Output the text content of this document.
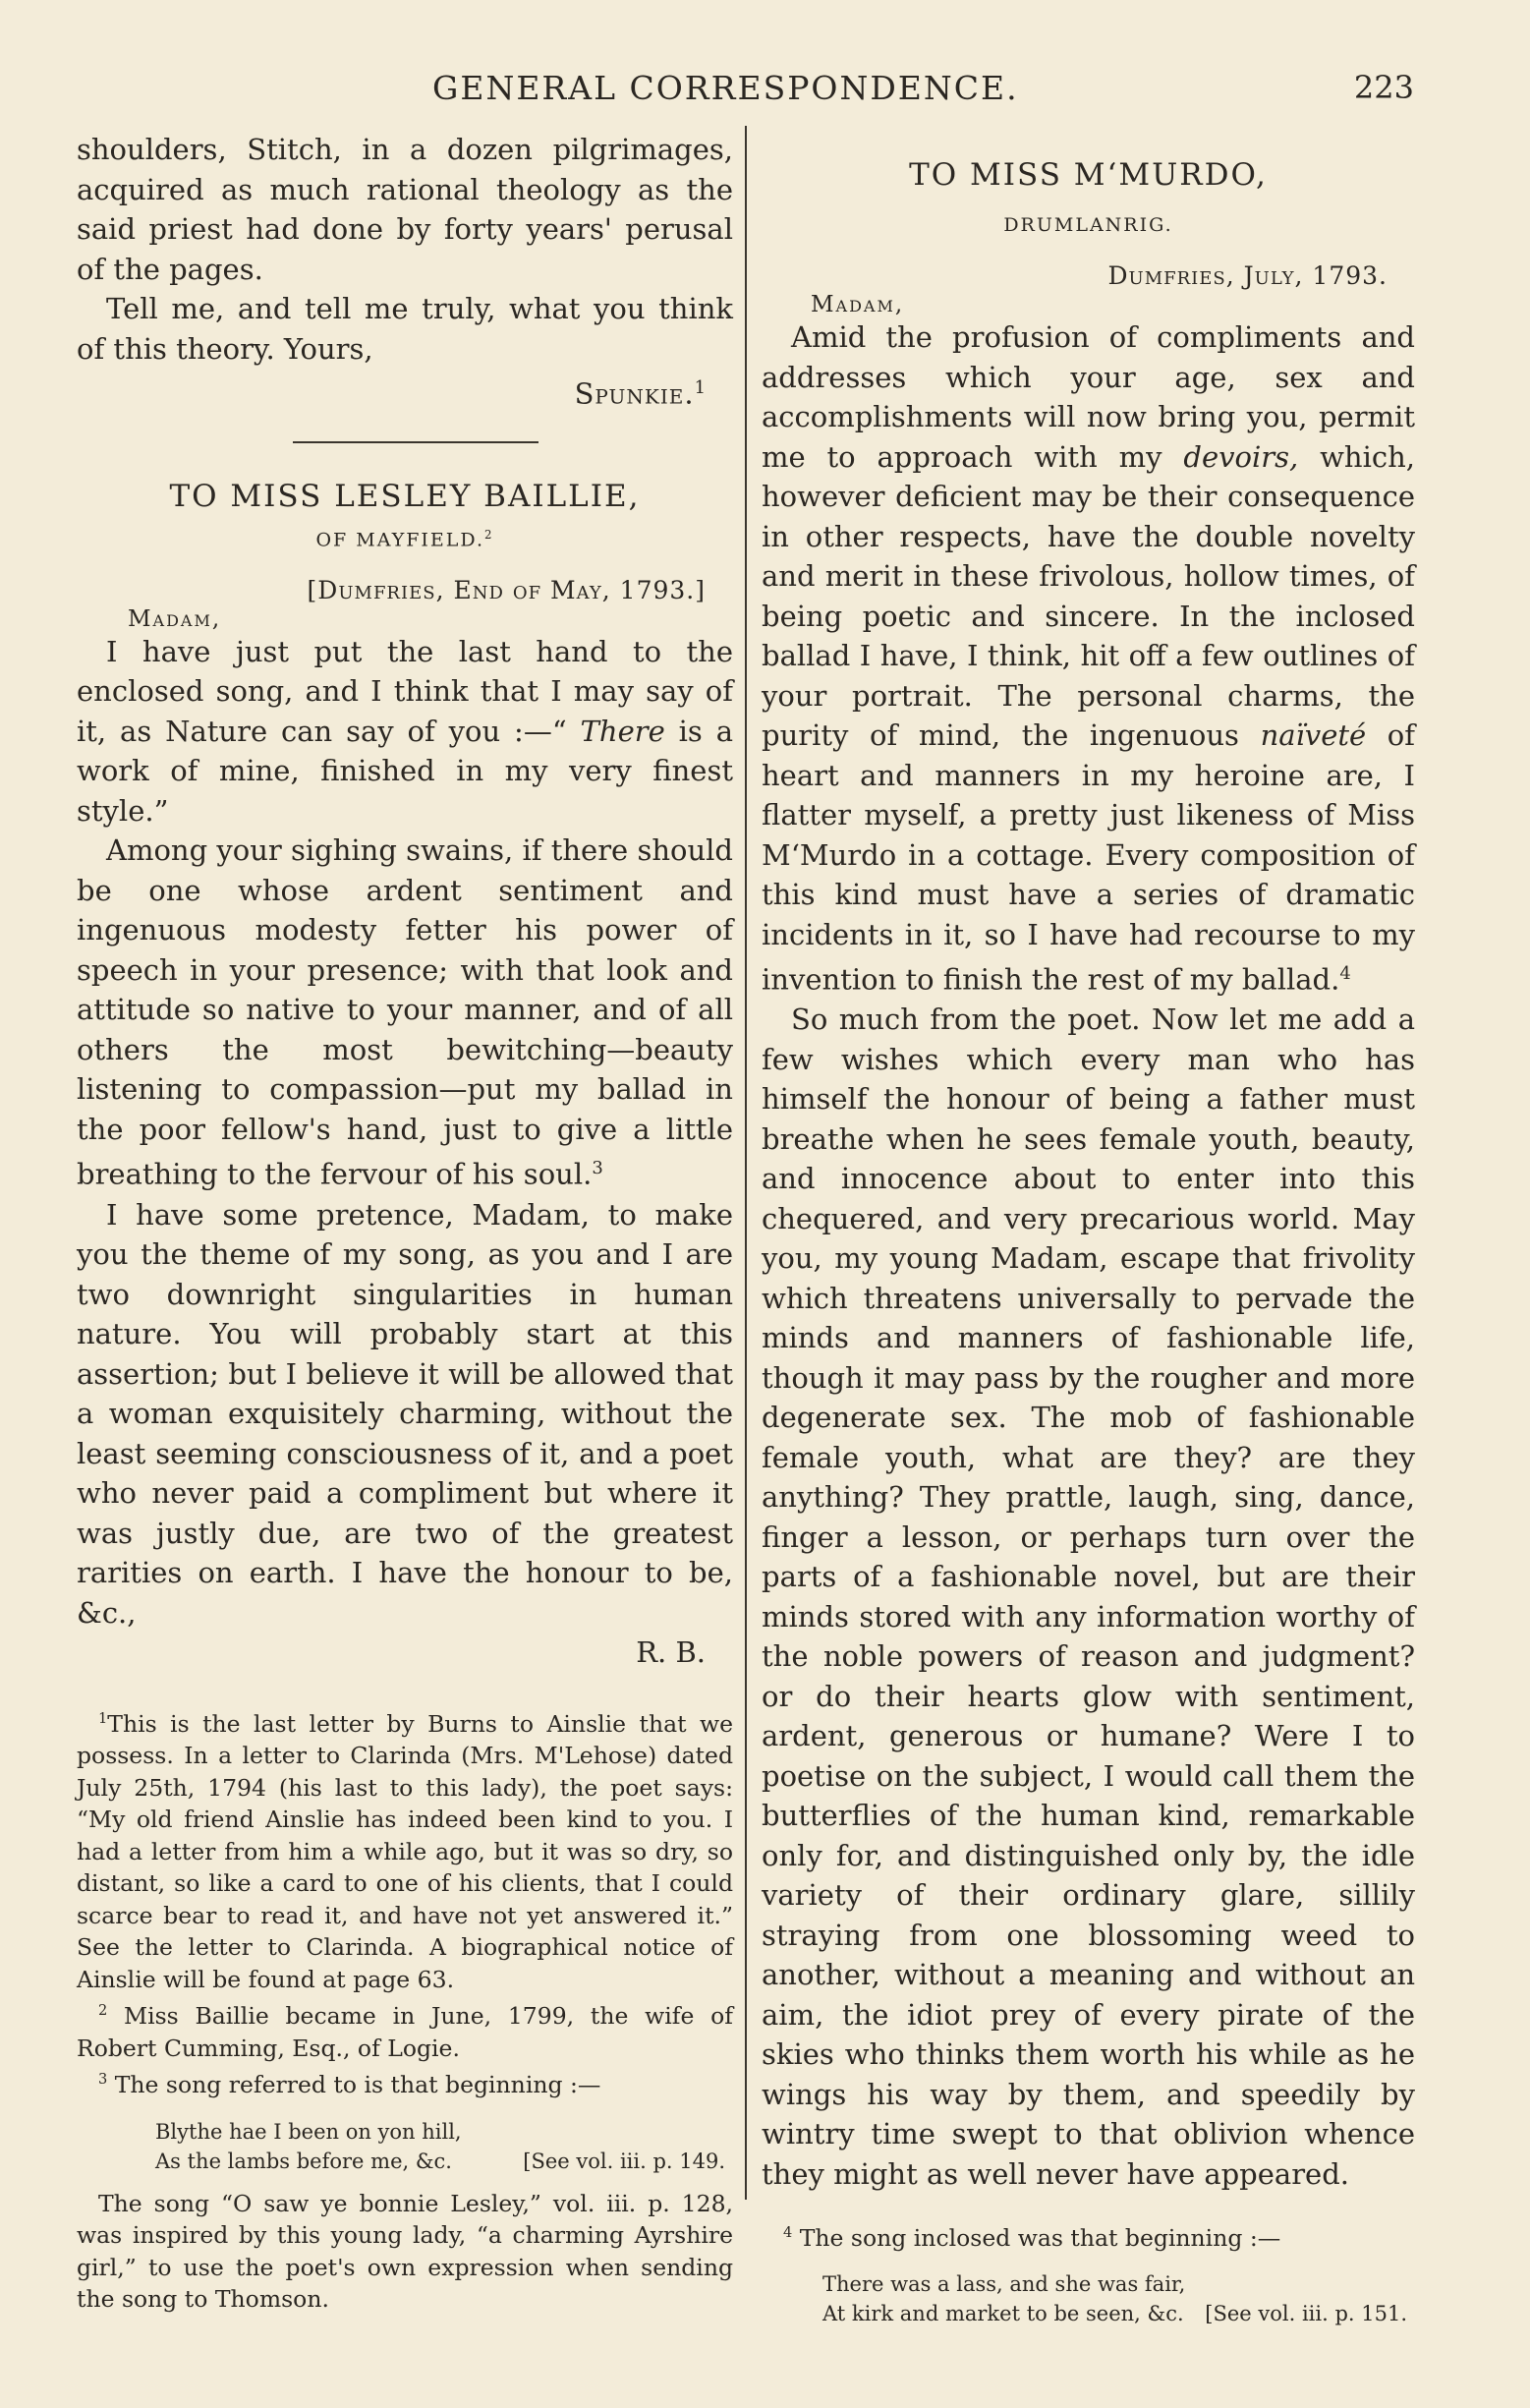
GENERAL CORRESPONDENCE.	223

shoulders, Stitch, in a dozen pilgrimages, acquired as much rational theology as the said priest had done by forty years' perusal of the pages.

Tell me, and tell me truly, what you think of this theory. Yours,

Spunkie.$^1$
TO MISS LESLEY BAILLIE,
OF MAYFIELD.$^2$
[Dumfries, End of May, 1793.]
Madam,

I have just put the last hand to the enclosed song, and I think that I may say of it, as Nature can say of you :—“ There is a work of mine, finished in my very finest style.”

Among your sighing swains, if there should be one whose ardent sentiment and ingenuous modesty fetter his power of speech in your presence; with that look and attitude so native to your manner, and of all others the most bewitching—beauty listening to compassion—put my ballad in the poor fellow's hand, just to give a little breathing to the fervour of his soul.$^3$

I have some pretence, Madam, to make you the theme of my song, as you and I are two downright singularities in human nature. You will probably start at this assertion; but I believe it will be allowed that a woman exquisitely charming, without the least seeming consciousness of it, and a poet who never paid a compliment but where it was justly due, are two of the greatest rarities on earth. I have the honour to be, &c.,

R. B.

$^1$This is the last letter by Burns to Ainslie that we possess. In a letter to Clarinda (Mrs. M'Lehose) dated July 25th, 1794 (his last to this lady), the poet says: “My old friend Ainslie has indeed been kind to you. I had a letter from him a while ago, but it was so dry, so distant, so like a card to one of his clients, that I could scarce bear to read it, and have not yet answered it.” See the letter to Clarinda. A biographical notice of Ainslie will be found at page 63.

$^2$ Miss Baillie became in June, 1799, the wife of Robert Cumming, Esq., of Logie.

$^3$ The song referred to is that beginning :—

Blythe hae I been on yon hill,
As the lambs before me, &c.	[See vol. iii. p. 149.

The song “O saw ye bonnie Lesley,” vol. iii. p. 128, was inspired by this young lady, “a charming Ayrshire girl,” to use the poet's own expression when sending the song to Thomson.

TO MISS M‘MURDO,
DRUMLANRIG.
Dumfries, July, 1793.
Madam,

Amid the profusion of compliments and addresses which your age, sex and accomplishments will now bring you, permit me to approach with my devoirs, which, however deficient may be their consequence in other respects, have the double novelty and merit in these frivolous, hollow times, of being poetic and sincere. In the inclosed ballad I have, I think, hit off a few outlines of your portrait. The personal charms, the purity of mind, the ingenuous naïveté of heart and manners in my heroine are, I flatter myself, a pretty just likeness of Miss M‘Murdo in a cottage. Every composition of this kind must have a series of dramatic incidents in it, so I have had recourse to my invention to finish the rest of my ballad.$^4$

So much from the poet. Now let me add a few wishes which every man who has himself the honour of being a father must breathe when he sees female youth, beauty, and innocence about to enter into this chequered, and very precarious world. May you, my young Madam, escape that frivolity which threatens universally to pervade the minds and manners of fashionable life, though it may pass by the rougher and more degenerate sex. The mob of fashionable female youth, what are they? are they anything? They prattle, laugh, sing, dance, finger a lesson, or perhaps turn over the parts of a fashionable novel, but are their minds stored with any information worthy of the noble powers of reason and judgment? or do their hearts glow with sentiment, ardent, generous or humane? Were I to poetise on the subject, I would call them the butterflies of the human kind, remarkable only for, and distinguished only by, the idle variety of their ordinary glare, sillily straying from one blossoming weed to another, without a meaning and without an aim, the idiot prey of every pirate of the skies who thinks them worth his while as he wings his way by them, and speedily by wintry time swept to that oblivion whence they might as well never have appeared.

$^4$ The song inclosed was that beginning :—

There was a lass, and she was fair,
At kirk and market to be seen, &c. [See vol. iii. p. 151.
